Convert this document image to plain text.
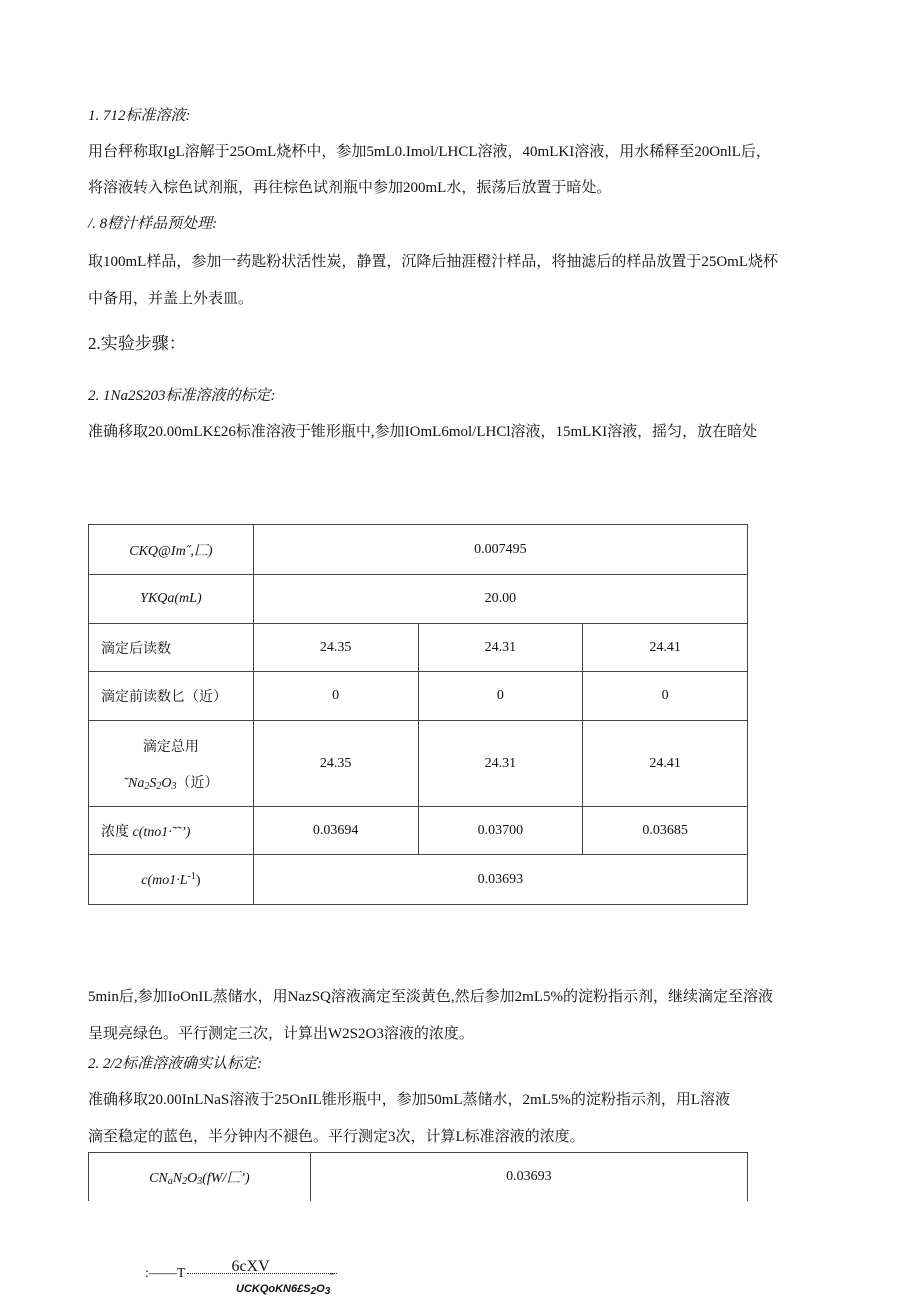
1. 712标准溶液:
用台秤称取IgL溶解于25OmL烧杯中，参加5mL0.Imol/LHCL溶液，40mLKI溶液，用水稀释至20OnlL后，
将溶液转入棕色试剂瓶，再往棕色试剂瓶中参加200mL水，振荡后放置于暗处。
/. 8橙汁样品预处理:
取100mL样品，参加一药匙粉状活性炭，静置，沉降后抽涯橙汁样品，将抽滤后的样品放置于25OmL烧杯
中备用，并盖上外表皿。
2.实验步骤：
2. 1Na2S203标准溶液的标定:
准确移取20.00mLK£26标准溶液于锥形瓶中,参加IOmL6mol/LHCl溶液，15mLKI溶液，摇匀，放在暗处
CKQ@Im˝,匚)	0.007495		
YKQa(mL)	20.00		
滴定后读数	24.35	24.31	24.41
滴定前读数匕（近）	0	0	0

滴定总用
$˜Na_2S_2O_3$（近）	24.35	24.31	24.41
浓度 c(tno1·˜˜’)	0.03694	0.03700	0.03685
$c(mo1\cdot L^{-1})$	0.03693		
5min后,参加IoOnIL蒸储水，用NazSQ溶液滴定至淡黄色,然后参加2mL5%的淀粉指示剂，继续滴定至溶液
呈现亮绿色。平行测定三次，计算出W2S2O3溶液的浓度。
2. 2/2标准溶液确实认标定:
准确移取20.00InLNaS溶液于25OnIL锥形瓶中，参加50mL蒸储水，2mL5%的淀粉指示剂，用L溶液
滴至稳定的蓝色，半分钟内不褪色。平行测定3次，计算L标准溶液的浓度。
$CN_aN_2O_3(fW/$匚’)	0.03693
:——T	6cXV	-
UCKQoKN6£S2O3
